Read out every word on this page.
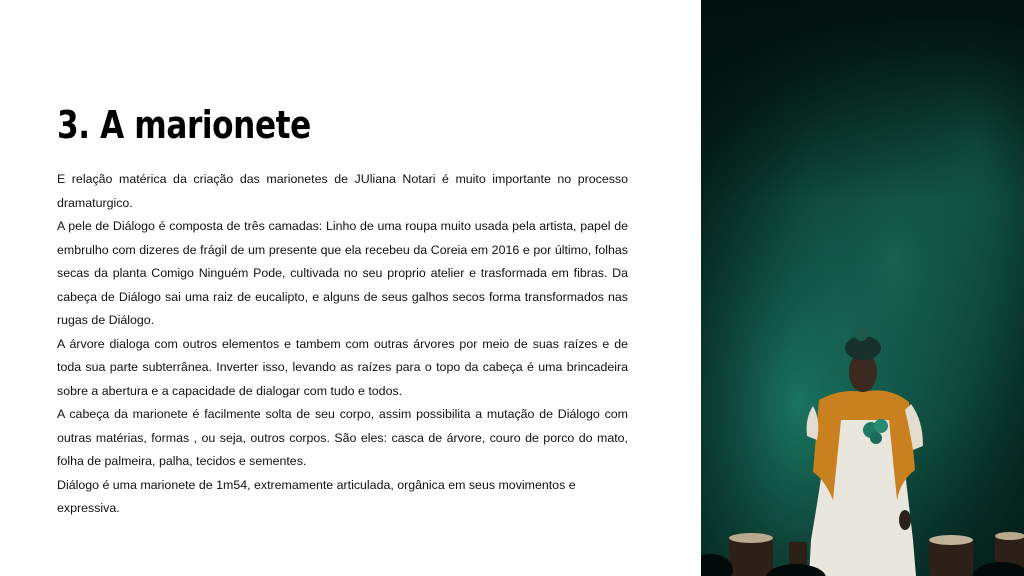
3. A marionete

E relação matérica da criação das marionetes de JUliana Notari é muito importante no processo dramaturgico.

A pele de Diálogo é composta de três camadas: Linho de uma roupa muito usada pela artista, papel de embrulho com dizeres de frágil de um presente que ela recebeu da Coreia em 2016 e por último, folhas secas da planta Comigo Ninguém Pode, cultivada no seu proprio atelier e trasformada em fibras. Da cabeça de Diálogo sai uma raiz de eucalipto, e alguns de seus galhos secos forma transformados nas rugas de Diálogo.

A árvore dialoga com outros elementos e tambem com outras árvores por meio de suas raízes e de toda sua parte subterrânea. Inverter isso, levando as raízes para o topo da cabeça é uma brincadeira sobre a abertura e a capacidade de dialogar com tudo e todos.

A cabeça da marionete é facilmente solta de seu corpo, assim possibilita a mutação de Diálogo com outras matérias, formas , ou seja, outros corpos. São eles: casca de árvore, couro de porco do mato, folha de palmeira, palha, tecidos e sementes.

Diálogo é uma marionete de 1m54, extremamente articulada, orgânica em seus movimentos e expressiva.
